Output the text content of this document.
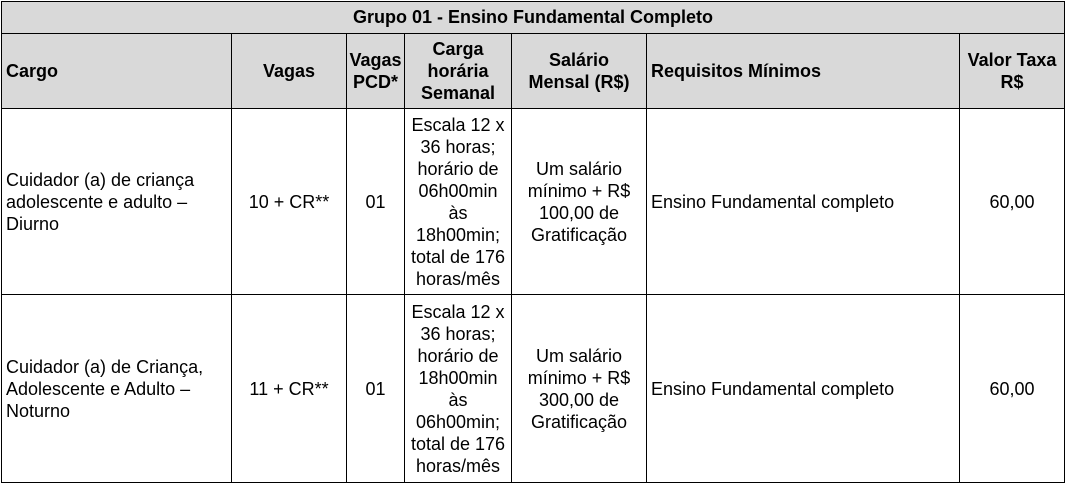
Grupo 01 - Ensino Fundamental Completo						
Cargo	Vagas	Vagas PCD*	Carga horária Semanal	Salário Mensal (R$)	Requisitos Mínimos	Valor Taxa R$
Cuidador (a) de criança adolescente e adulto – Diurno	10 + CR**	01	Escala 12 x 36 horas; horário de 06h00min às 18h00min; total de 176 horas/mês	Um salário mínimo + R$ 100,00 de Gratificação	Ensino Fundamental completo	60,00
Cuidador (a) de Criança, Adolescente e Adulto – Noturno	11 + CR**	01	Escala 12 x 36 horas; horário de 18h00min às 06h00min; total de 176 horas/mês	Um salário mínimo + R$ 300,00 de Gratificação	Ensino Fundamental completo	60,00
